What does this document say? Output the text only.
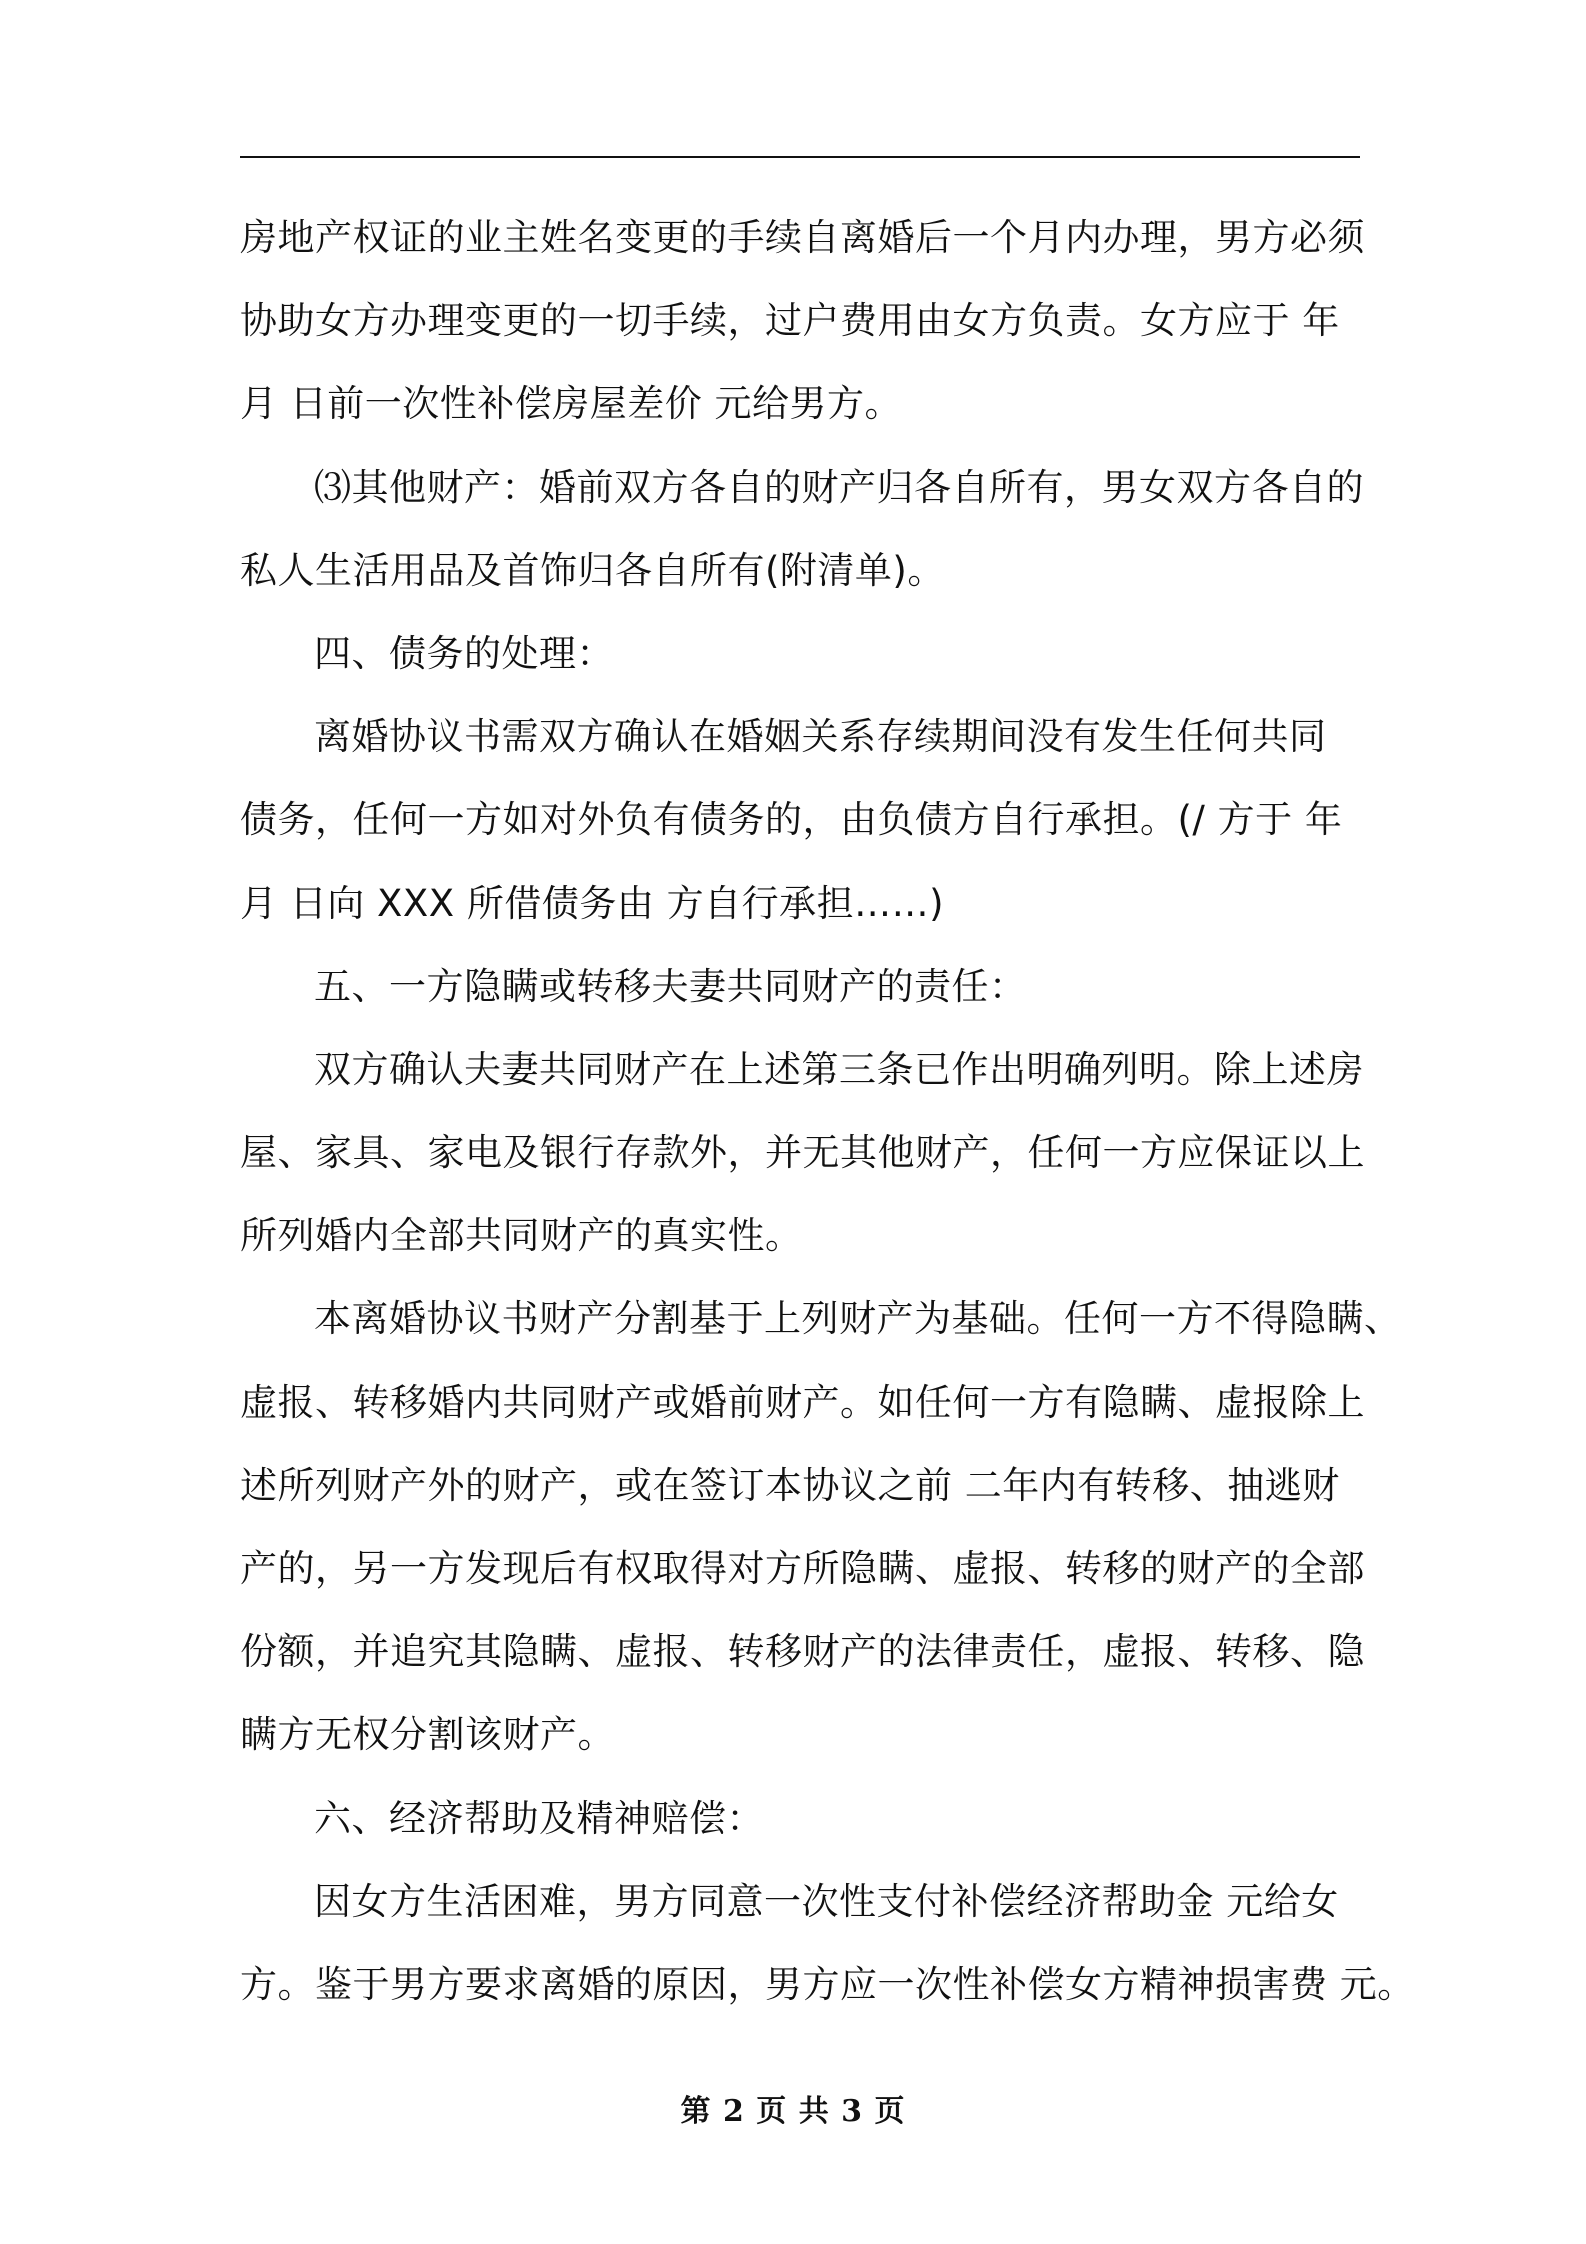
房地产权证的业主姓名变更的手续自离婚后一个月内办理，男方必须
协助女方办理变更的一切手续，过户费用由女方负责。女方应于 年
月 日前一次性补偿房屋差价 元给男方。
⑶其他财产：婚前双方各自的财产归各自所有，男女双方各自的
私人生活用品及首饰归各自所有(附清单)。
四、债务的处理：
离婚协议书需双方确认在婚姻关系存续期间没有发生任何共同
债务，任何一方如对外负有债务的，由负债方自行承担。(/ 方于 年
月 日向 XXX 所借债务由 方自行承担……)
五、一方隐瞒或转移夫妻共同财产的责任：
双方确认夫妻共同财产在上述第三条已作出明确列明。除上述房
屋、家具、家电及银行存款外，并无其他财产，任何一方应保证以上
所列婚内全部共同财产的真实性。
本离婚协议书财产分割基于上列财产为基础。任何一方不得隐瞒、
虚报、转移婚内共同财产或婚前财产。如任何一方有隐瞒、虚报除上
述所列财产外的财产，或在签订本协议之前 二年内有转移、抽逃财
产的，另一方发现后有权取得对方所隐瞒、虚报、转移的财产的全部
份额，并追究其隐瞒、虚报、转移财产的法律责任，虚报、转移、隐
瞒方无权分割该财产。
六、经济帮助及精神赔偿：
因女方生活困难，男方同意一次性支付补偿经济帮助金 元给女
方。鉴于男方要求离婚的原因，男方应一次性补偿女方精神损害费 元。
第 2 页 共 3 页
